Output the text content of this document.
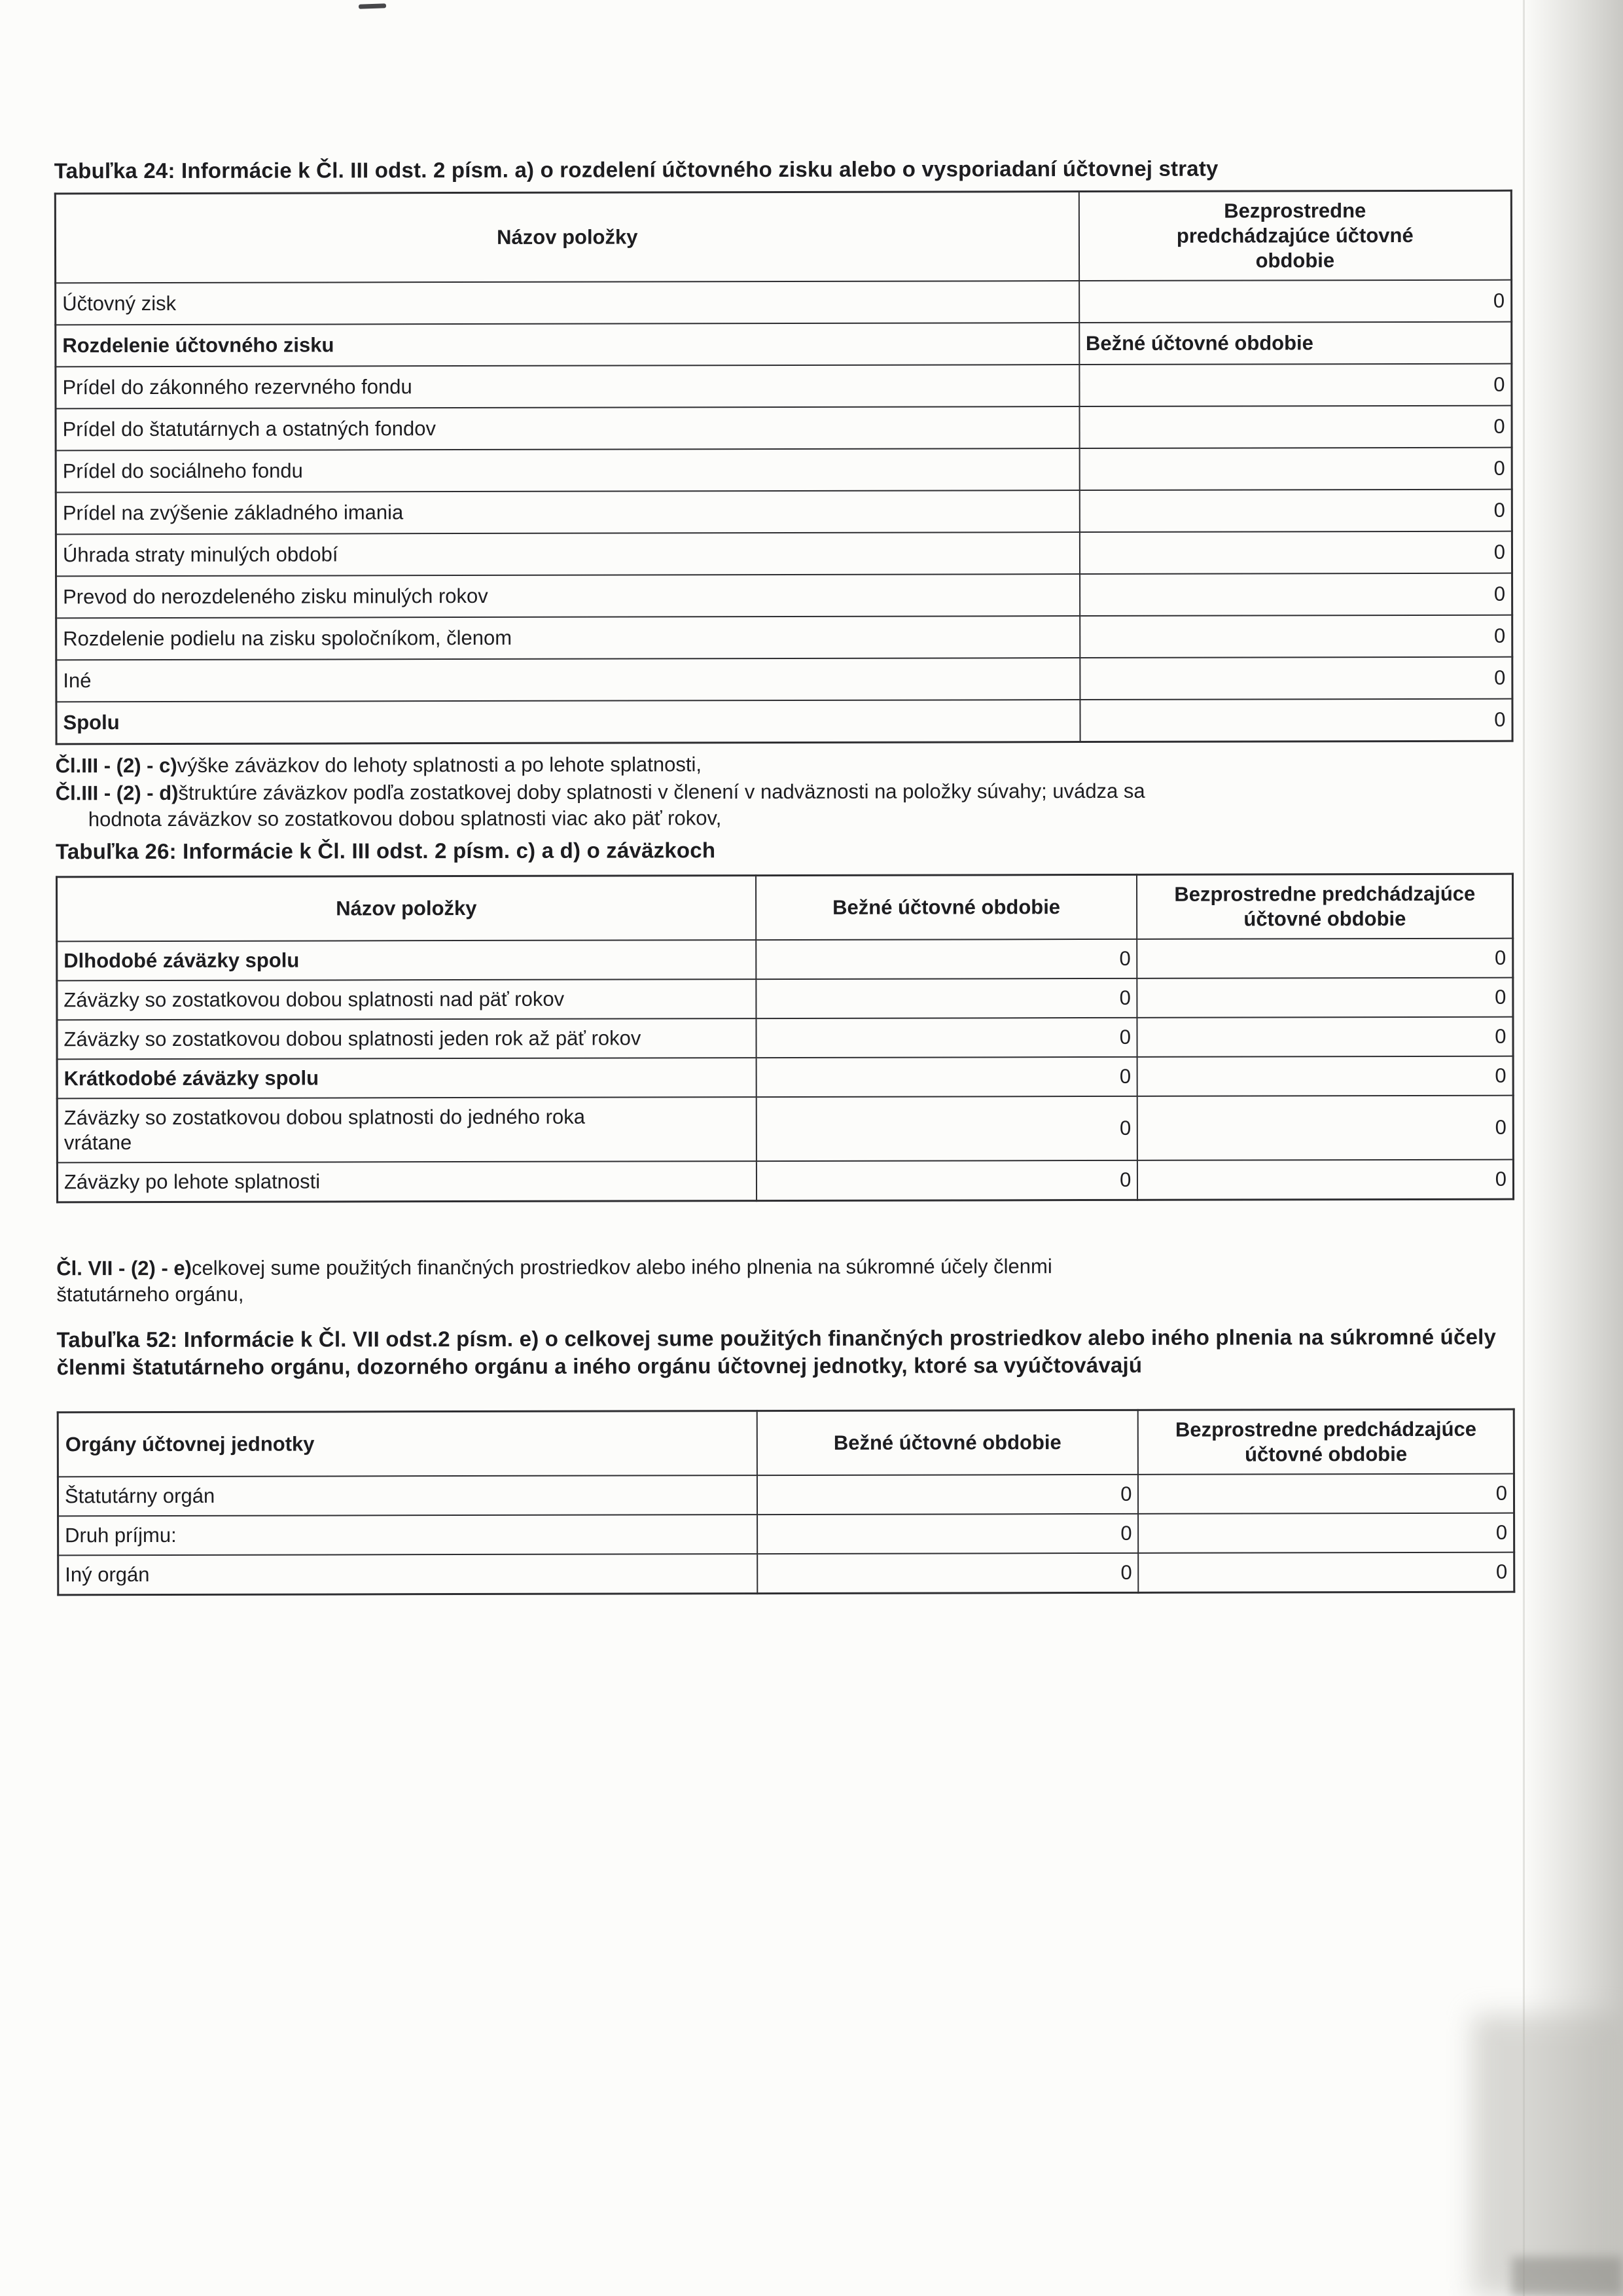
Tabuľka 24: Informácie k Čl. III odst. 2 písm. a) o rozdelení účtovného zisku alebo o vysporiadaní účtovnej straty
Názov položky	Bezprostredne
predchádzajúce účtovné
obdobie
Účtovný zisk	0
Rozdelenie účtovného zisku	Bežné účtovné obdobie
Prídel do zákonného rezervného fondu	0
Prídel do štatutárnych a ostatných fondov	0
Prídel do sociálneho fondu	0
Prídel na zvýšenie základného imania	0
Úhrada straty minulých období	0
Prevod do nerozdeleného zisku minulých rokov	0
Rozdelenie podielu na zisku spoločníkom, členom	0
Iné	0
Spolu	0

Čl.III - (2) - c)výške záväzkov do lehoty splatnosti a po lehote splatnosti,

Čl.III - (2) - d)štruktúre záväzkov podľa zostatkovej doby splatnosti v členení v nadväznosti na položky súvahy; uvádza sa

hodnota záväzkov so zostatkovou dobou splatnosti viac ako päť rokov,

Tabuľka 26: Informácie k Čl. III odst. 2 písm. c) a d) o záväzkoch
Názov položky	Bežné účtovné obdobie	Bezprostredne predchádzajúce
účtovné obdobie
Dlhodobé záväzky spolu	0	0
Záväzky so zostatkovou dobou splatnosti nad päť rokov	0	0
Záväzky so zostatkovou dobou splatnosti jeden rok až päť rokov	0	0
Krátkodobé záväzky spolu	0	0
Záväzky so zostatkovou dobou splatnosti do jedného roka
vrátane	0	0
Záväzky po lehote splatnosti	0	0

Čl. VII - (2) - e)celkovej sume použitých finančných prostriedkov alebo iného plnenia na súkromné účely členmi
štatutárneho orgánu,

Tabuľka 52: Informácie k Čl. VII odst.2 písm. e) o celkovej sume použitých finančných prostriedkov alebo iného plnenia na súkromné účely členmi štatutárneho orgánu, dozorného orgánu a iného orgánu účtovnej jednotky, ktoré sa vyúčtovávajú
Orgány účtovnej jednotky	Bežné účtovné obdobie	Bezprostredne predchádzajúce
účtovné obdobie
Štatutárny orgán	0	0
Druh príjmu:	0	0
Iný orgán	0	0
